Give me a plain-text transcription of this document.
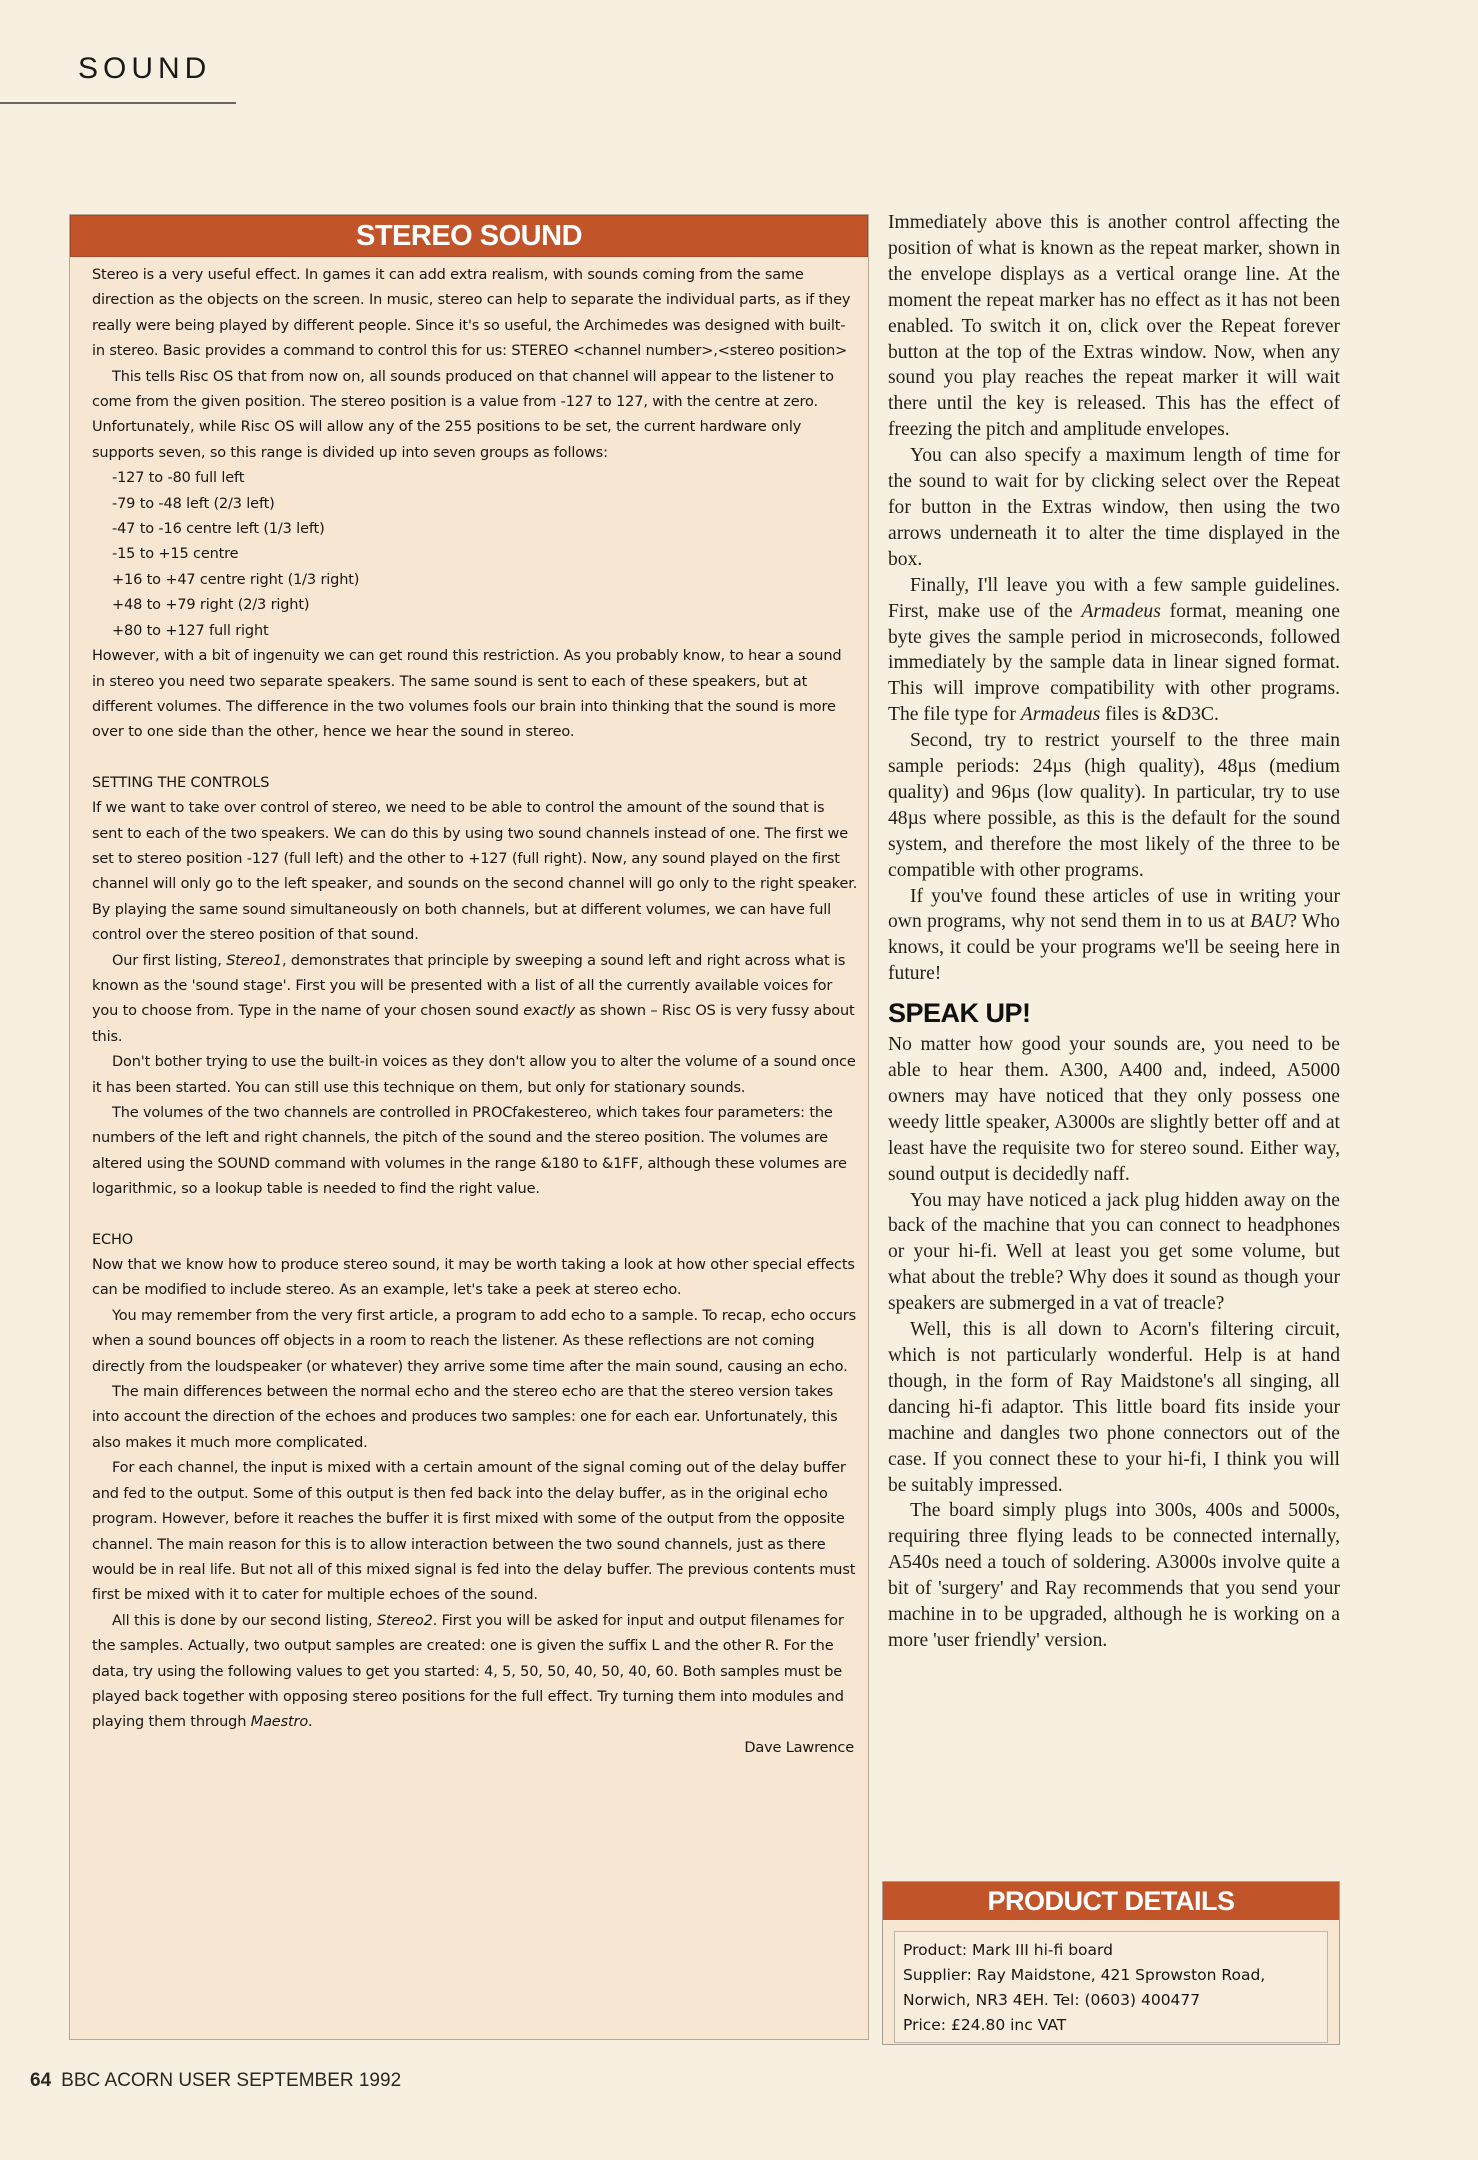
SOUND
STEREO SOUND

Stereo is a very useful effect. In games it can add extra realism, with sounds coming from the same direction as the objects on the screen. In music, stereo can help to separate the individual parts, as if they really were being played by different people. Since it's so useful, the Archimedes was designed with built-in stereo. Basic provides a command to control this for us: STEREO <channel number>,<stereo position>

This tells Risc OS that from now on, all sounds produced on that channel will appear to the listener to come from the given position. The stereo position is a value from -127 to 127, with the centre at zero. Unfortunately, while Risc OS will allow any of the 255 positions to be set, the current hardware only supports seven, so this range is divided up into seven groups as follows:

-127 to -80 full left
-79 to -48 left (2/3 left)
-47 to -16 centre left (1/3 left)
-15 to +15 centre
+16 to +47 centre right (1/3 right)
+48 to +79 right (2/3 right)
+80 to +127 full right

However, with a bit of ingenuity we can get round this restriction. As you probably know, to hear a sound in stereo you need two separate speakers. The same sound is sent to each of these speakers, but at different volumes. The difference in the two volumes fools our brain into thinking that the sound is more over to one side than the other, hence we hear the sound in stereo.

SETTING THE CONTROLS

If we want to take over control of stereo, we need to be able to control the amount of the sound that is sent to each of the two speakers. We can do this by using two sound channels instead of one. The first we set to stereo position -127 (full left) and the other to +127 (full right). Now, any sound played on the first channel will only go to the left speaker, and sounds on the second channel will go only to the right speaker. By playing the same sound simultaneously on both channels, but at different volumes, we can have full control over the stereo position of that sound.

Our first listing, Stereo1, demonstrates that principle by sweeping a sound left and right across what is known as the 'sound stage'. First you will be presented with a list of all the currently available voices for you to choose from. Type in the name of your chosen sound exactly as shown – Risc OS is very fussy about this.

Don't bother trying to use the built-in voices as they don't allow you to alter the volume of a sound once it has been started. You can still use this technique on them, but only for stationary sounds.

The volumes of the two channels are controlled in PROCfakestereo, which takes four parameters: the numbers of the left and right channels, the pitch of the sound and the stereo position. The volumes are altered using the SOUND command with volumes in the range &180 to &1FF, although these volumes are logarithmic, so a lookup table is needed to find the right value.

ECHO

Now that we know how to produce stereo sound, it may be worth taking a look at how other special effects can be modified to include stereo. As an example, let's take a peek at stereo echo.

You may remember from the very first article, a program to add echo to a sample. To recap, echo occurs when a sound bounces off objects in a room to reach the listener. As these reflections are not coming directly from the loudspeaker (or whatever) they arrive some time after the main sound, causing an echo.

The main differences between the normal echo and the stereo echo are that the stereo version takes into account the direction of the echoes and produces two samples: one for each ear. Unfortunately, this also makes it much more complicated.

For each channel, the input is mixed with a certain amount of the signal coming out of the delay buffer and fed to the output. Some of this output is then fed back into the delay buffer, as in the original echo program. However, before it reaches the buffer it is first mixed with some of the output from the opposite channel. The main reason for this is to allow interaction between the two sound channels, just as there would be in real life. But not all of this mixed signal is fed into the delay buffer. The previous contents must first be mixed with it to cater for multiple echoes of the sound.

All this is done by our second listing, Stereo2. First you will be asked for input and output filenames for the samples. Actually, two output samples are created: one is given the suffix L and the other R. For the data, try using the following values to get you started: 4, 5, 50, 50, 40, 50, 40, 60. Both samples must be played back together with opposing stereo positions for the full effect. Try turning them into modules and playing them through Maestro.

Dave Lawrence

Immediately above this is another control affecting the position of what is known as the repeat marker, shown in the envelope displays as a vertical orange line. At the moment the repeat marker has no effect as it has not been enabled. To switch it on, click over the Repeat forever button at the top of the Extras window. Now, when any sound you play reaches the repeat marker it will wait there until the key is released. This has the effect of freezing the pitch and amplitude envelopes.

You can also specify a maximum length of time for the sound to wait for by clicking select over the Repeat for button in the Extras window, then using the two arrows underneath it to alter the time displayed in the box.

Finally, I'll leave you with a few sample guidelines. First, make use of the Armadeus format, meaning one byte gives the sample period in microseconds, followed immediately by the sample data in linear signed format. This will improve compatibility with other programs. The file type for Armadeus files is &D3C.

Second, try to restrict yourself to the three main sample periods: 24µs (high quality), 48µs (medium quality) and 96µs (low quality). In particular, try to use 48µs where possible, as this is the default for the sound system, and therefore the most likely of the three to be compatible with other programs.

If you've found these articles of use in writing your own programs, why not send them in to us at BAU? Who knows, it could be your programs we'll be seeing here in future!

SPEAK UP!

No matter how good your sounds are, you need to be able to hear them. A300, A400 and, indeed, A5000 owners may have noticed that they only possess one weedy little speaker, A3000s are slightly better off and at least have the requisite two for stereo sound. Either way, sound output is decidedly naff.

You may have noticed a jack plug hidden away on the back of the machine that you can connect to headphones or your hi-fi. Well at least you get some volume, but what about the treble? Why does it sound as though your speakers are submerged in a vat of treacle?

Well, this is all down to Acorn's filtering circuit, which is not particularly wonderful. Help is at hand though, in the form of Ray Maidstone's all singing, all dancing hi-fi adaptor. This little board fits inside your machine and dangles two phone connectors out of the case. If you connect these to your hi-fi, I think you will be suitably impressed.

The board simply plugs into 300s, 400s and 5000s, requiring three flying leads to be connected internally, A540s need a touch of soldering. A3000s involve quite a bit of 'surgery' and Ray recommends that you send your machine in to be upgraded, although he is working on a more 'user friendly' version.

PRODUCT DETAILS
Product: Mark III hi-fi board
Supplier: Ray Maidstone, 421 Sprowston Road,
Norwich, NR3 4EH. Tel: (0603) 400477
Price: £24.80 inc VAT
64 BBC ACORN USER SEPTEMBER 1992
